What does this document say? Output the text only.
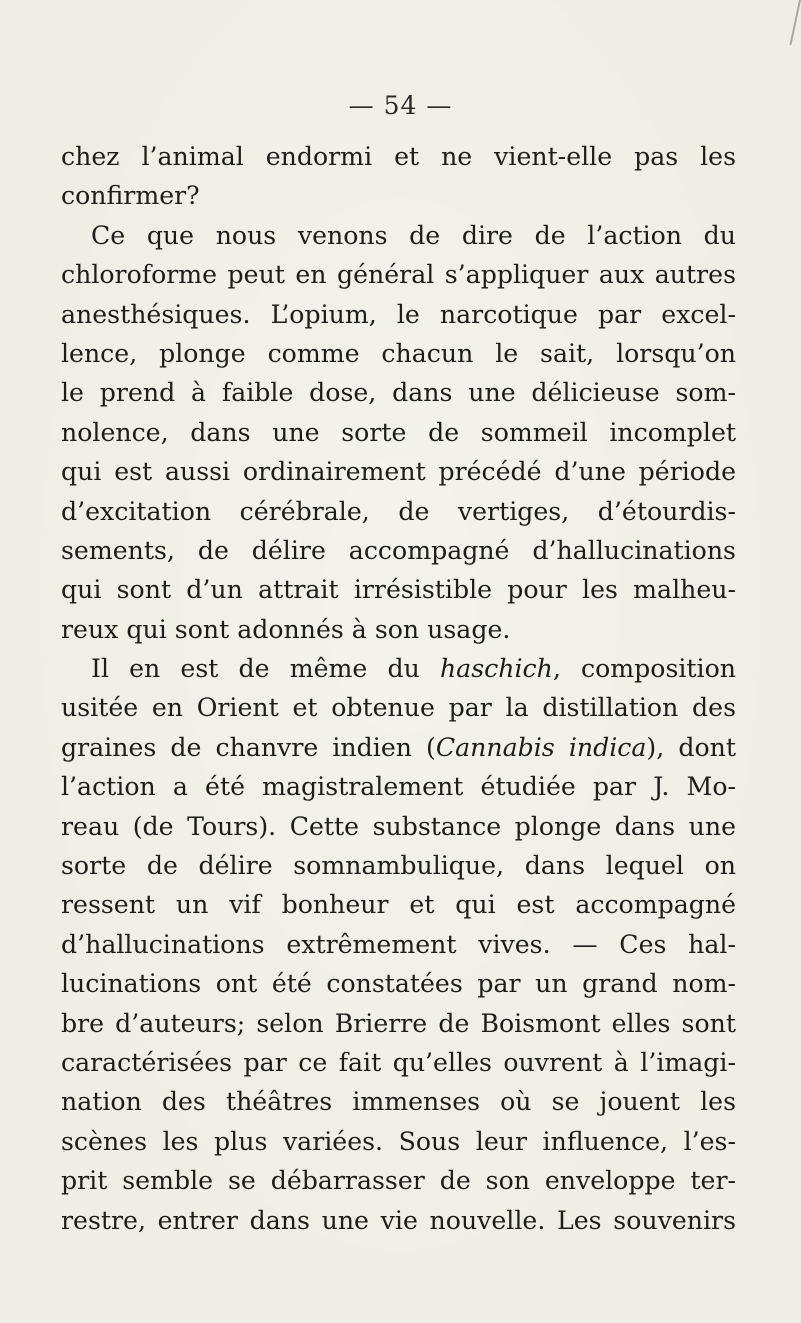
— 54 —
chez l’animal endormi et ne vient-elle pas les
confirmer?
Ce que nous venons de dire de l’action du
chloroforme peut en général s’appliquer aux autres
anesthésiques. L’opium, le narcotique par excel-
lence, plonge comme chacun le sait, lorsqu’on
le prend à faible dose, dans une délicieuse som-
nolence, dans une sorte de sommeil incomplet
qui est aussi ordinairement précédé d’une période
d’excitation cérébrale, de vertiges, d’étourdis-
sements, de délire accompagné d’hallucinations
qui sont d’un attrait irrésistible pour les malheu-
reux qui sont adonnés à son usage.
Il en est de même du haschich, composition
usitée en Orient et obtenue par la distillation des
graines de chanvre indien (Cannabis indica), dont
l’action a été magistralement étudiée par J. Mo-
reau (de Tours). Cette substance plonge dans une
sorte de délire somnambulique, dans lequel on
ressent un vif bonheur et qui est accompagné
d’hallucinations extrêmement vives. — Ces hal-
lucinations ont été constatées par un grand nom-
bre d’auteurs; selon Brierre de Boismont elles sont
caractérisées par ce fait qu’elles ouvrent à l’imagi-
nation des théâtres immenses où se jouent les
scènes les plus variées. Sous leur influence, l’es-
prit semble se débarrasser de son enveloppe ter-
restre, entrer dans une vie nouvelle. Les souvenirs
